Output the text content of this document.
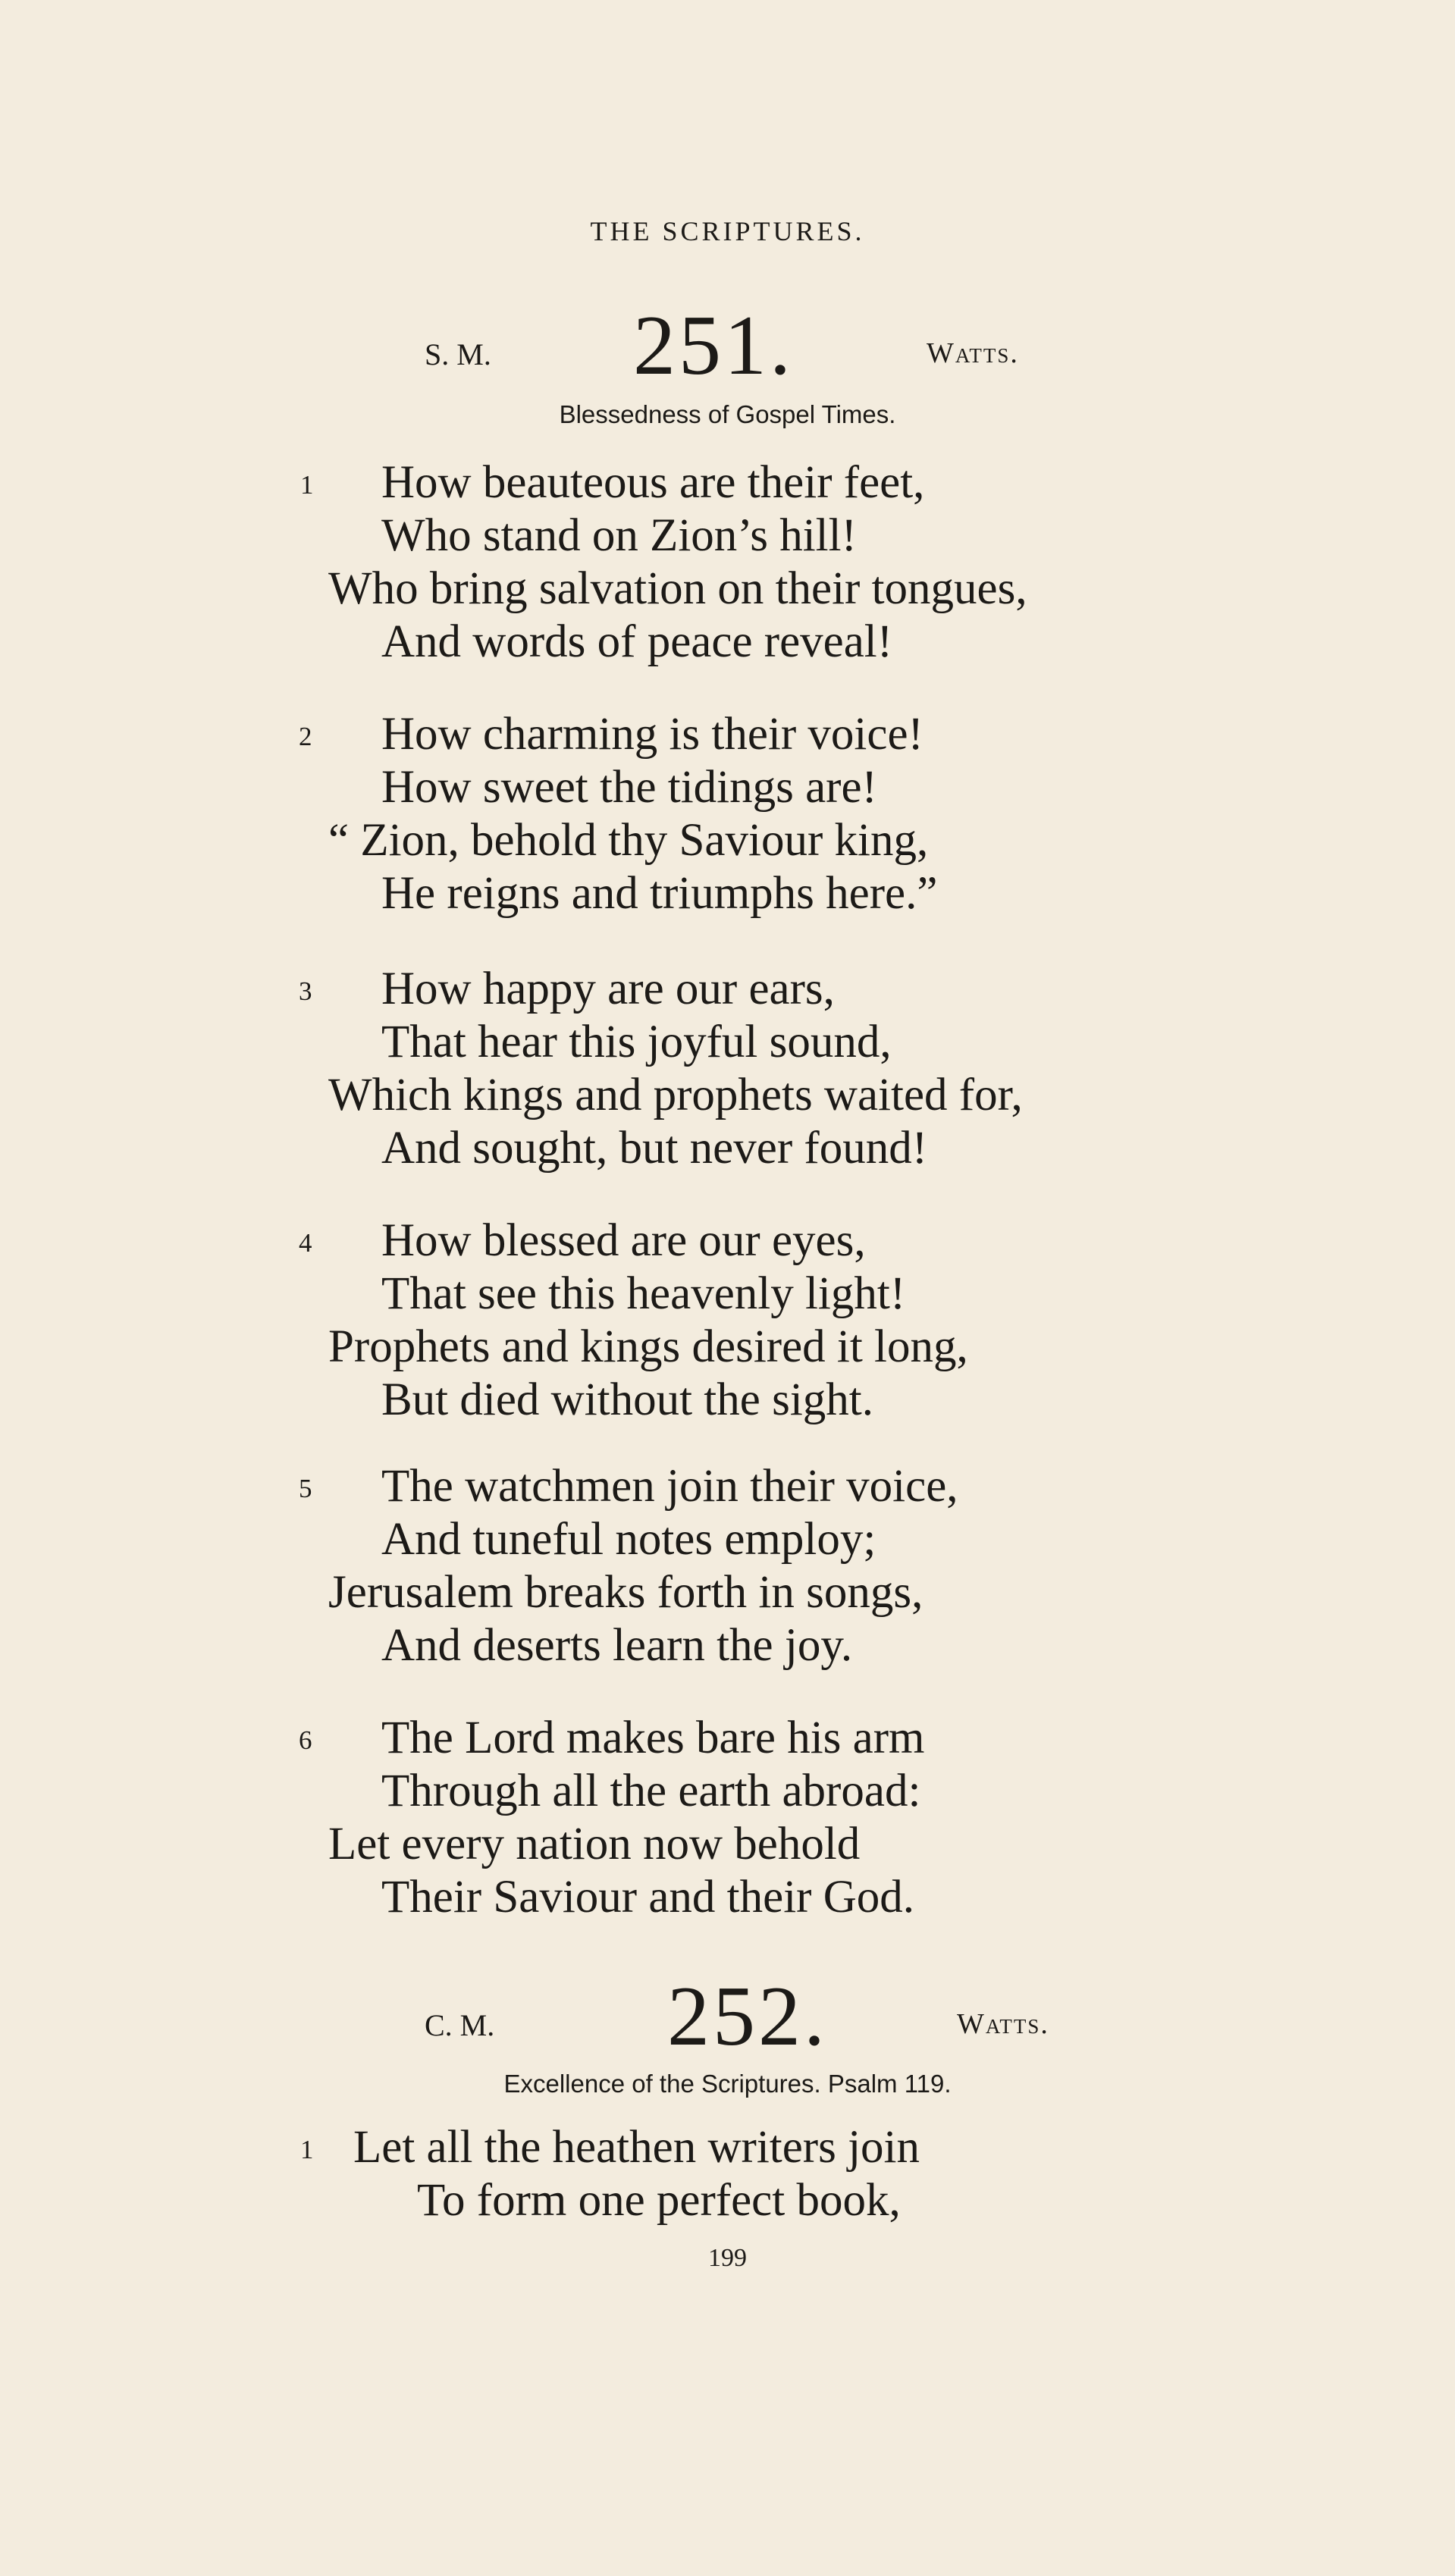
THE SCRIPTURES.
S. M. 251.	Watts.
Blessedness of Gospel Times.
1 How beauteous are their feet,
Who stand on Zion’s hill!
Who bring salvation on their tongues,
And words of peace reveal!
2 How charming is their voice!
How sweet the tidings are!
“ Zion, behold thy Saviour king,
He reigns and triumphs here.”
3 How happy are our ears,
That hear this joyful sound,
Which kings and prophets waited for,
And sought, but never found!
4 How blessed are our eyes,
That see this heavenly light!
Prophets and kings desired it long,
But died without the sight.
5 The watchmen join their voice,
And tuneful notes employ;
Jerusalem breaks forth in songs,
And deserts learn the joy.
6 The Lord makes bare his arm
Through all the earth abroad:
Let every nation now behold
Their Saviour and their God.
C. M. 252.	Watts.
Excellence of the Scriptures. Psalm 119.
1 Let all the heathen writers join
To form one perfect book,
199
